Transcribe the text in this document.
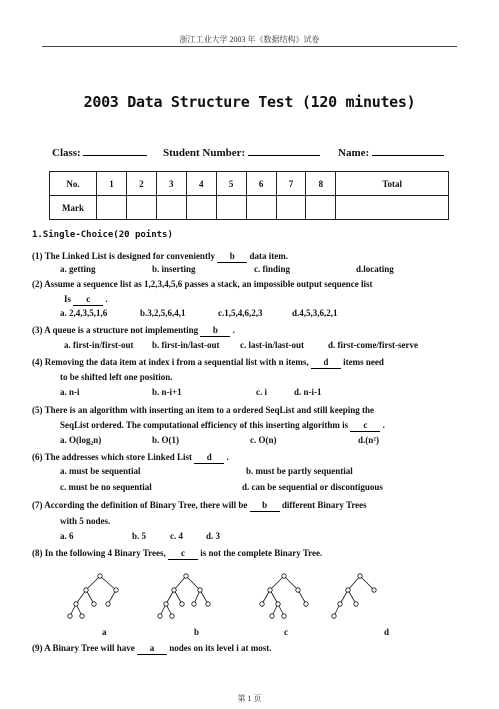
浙江工业大学 2003 年《数据结构》试卷
2003 Data Structure Test (120 minutes)
Class:	Student Number:	Name:
No.	1	2	3	4	5	6	7	8	Total
Mark									
1.Single-Choice(20 points)
(1) The Linked List is designed for conveniently b data item.
a. getting	b. inserting	c. finding	d.locating
(2) Assume a sequence list as 1,2,3,4,5,6 passes a stack, an impossible output sequence list
Is c .
a. 2,4,3,5,1,6	b.3,2,5,6,4,1	c.1,5,4,6,2,3	d.4,5,3,6,2,1
(3) A queue is a structure not implementing b .
a. first-in/first-out b. first-in/last-out c. last-in/last-out	d. first-come/first-serve
(4) Removing the data item at index i from a sequential list with n items, d items need
to be shifted left one position.
a. n-i	b. n-i+1	c. i	d. n-i-1
(5) There is an algorithm with inserting an item to a ordered SeqList and still keeping the
SeqList ordered. The computational efficiency of this inserting algorithm is c .
a. O(log₂n)	b. O(1)	c. O(n)	d.(n²)
(6) The addresses which store Linked List d .
a. must be sequential	b. must be partly sequential
c. must be no sequential	d. can be sequential or discontiguous
(7) According the definition of Binary Tree, there will be b different Binary Trees
with 5 nodes.
a. 6	b. 5	c. 4	d. 3
(8) In the following 4 Binary Trees, c is not the complete Binary Tree.
a	b	c	d
(9) A Binary Tree will have a nodes on its level i at most.
第 1 页
